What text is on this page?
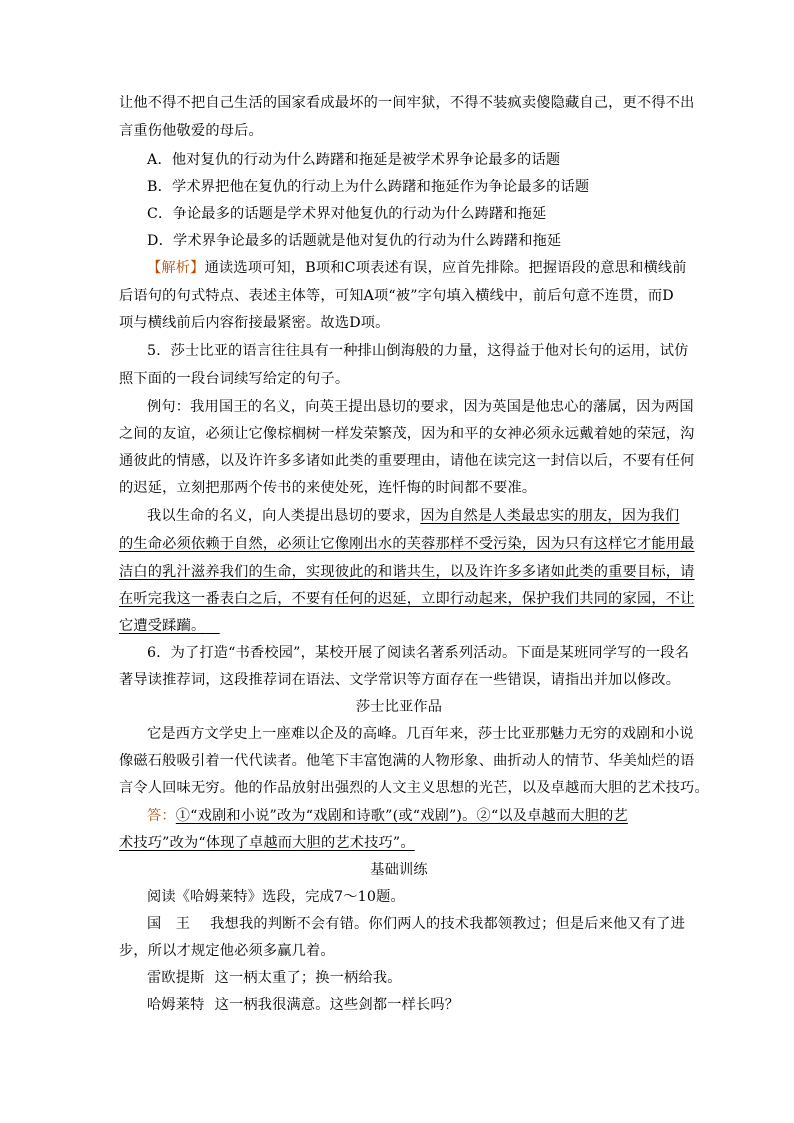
让他不得不把自己生活的国家看成最坏的一间牢狱，不得不装疯卖傻隐藏自己，更不得不出
言重伤他敬爱的母后。
A．他对复仇的行动为什么踌躇和拖延是被学术界争论最多的话题
B．学术界把他在复仇的行动上为什么踌躇和拖延作为争论最多的话题
C．争论最多的话题是学术界对他复仇的行动为什么踌躇和拖延
D．学术界争论最多的话题就是他对复仇的行动为什么踌躇和拖延
【解析】通读选项可知，B项和C项表述有误，应首先排除。把握语段的意思和横线前
后语句的句式特点、表述主体等，可知A项“被”字句填入横线中，前后句意不连贯，而D
项与横线前后内容衔接最紧密。故选D项。
5．莎士比亚的语言往往具有一种排山倒海般的力量，这得益于他对长句的运用，试仿
照下面的一段台词续写给定的句子。
例句：我用国王的名义，向英王提出恳切的要求，因为英国是他忠心的藩属，因为两国
之间的友谊，必须让它像棕榈树一样发荣繁茂，因为和平的女神必须永远戴着她的荣冠，沟
通彼此的情感，以及许许多多诸如此类的重要理由，请他在读完这一封信以后，不要有任何
的迟延，立刻把那两个传书的来使处死，连忏悔的时间都不要准。
我以生命的名义，向人类提出恳切的要求，因为自然是人类最忠实的朋友，因为我们
的生命必须依赖于自然，必须让它像刚出水的芙蓉那样不受污染，因为只有这样它才能用最
洁白的乳汁滋养我们的生命，实现彼此的和谐共生，以及许许多多诸如此类的重要目标，请
在听完我这一番表白之后，不要有任何的迟延，立即行动起来，保护我们共同的家园，不让
它遭受蹂躏。 
6．为了打造“书香校园”，某校开展了阅读名著系列活动。下面是某班同学写的一段名
著导读推荐词，这段推荐词在语法、文学常识等方面存在一些错误，请指出并加以修改。
莎士比亚作品
它是西方文学史上一座难以企及的高峰。几百年来，莎士比亚那魅力无穷的戏剧和小说
像磁石般吸引着一代代读者。他笔下丰富饱满的人物形象、曲折动人的情节、华美灿烂的语
言令人回味无穷。他的作品放射出强烈的人文主义思想的光芒，以及卓越而大胆的艺术技巧。
答：①“戏剧和小说”改为“戏剧和诗歌”(或“戏剧”)。②“以及卓越而大胆的艺
术技巧”改为“体现了卓越而大胆的艺术技巧”。
基础训练
阅读《哈姆莱特》选段，完成7～10题。
国　王 我想我的判断不会有错。你们两人的技术我都领教过；但是后来他又有了进
步，所以才规定他必须多赢几着。
雷欧提斯 这一柄太重了；换一柄给我。
哈姆莱特 这一柄我很满意。这些剑都一样长吗？
